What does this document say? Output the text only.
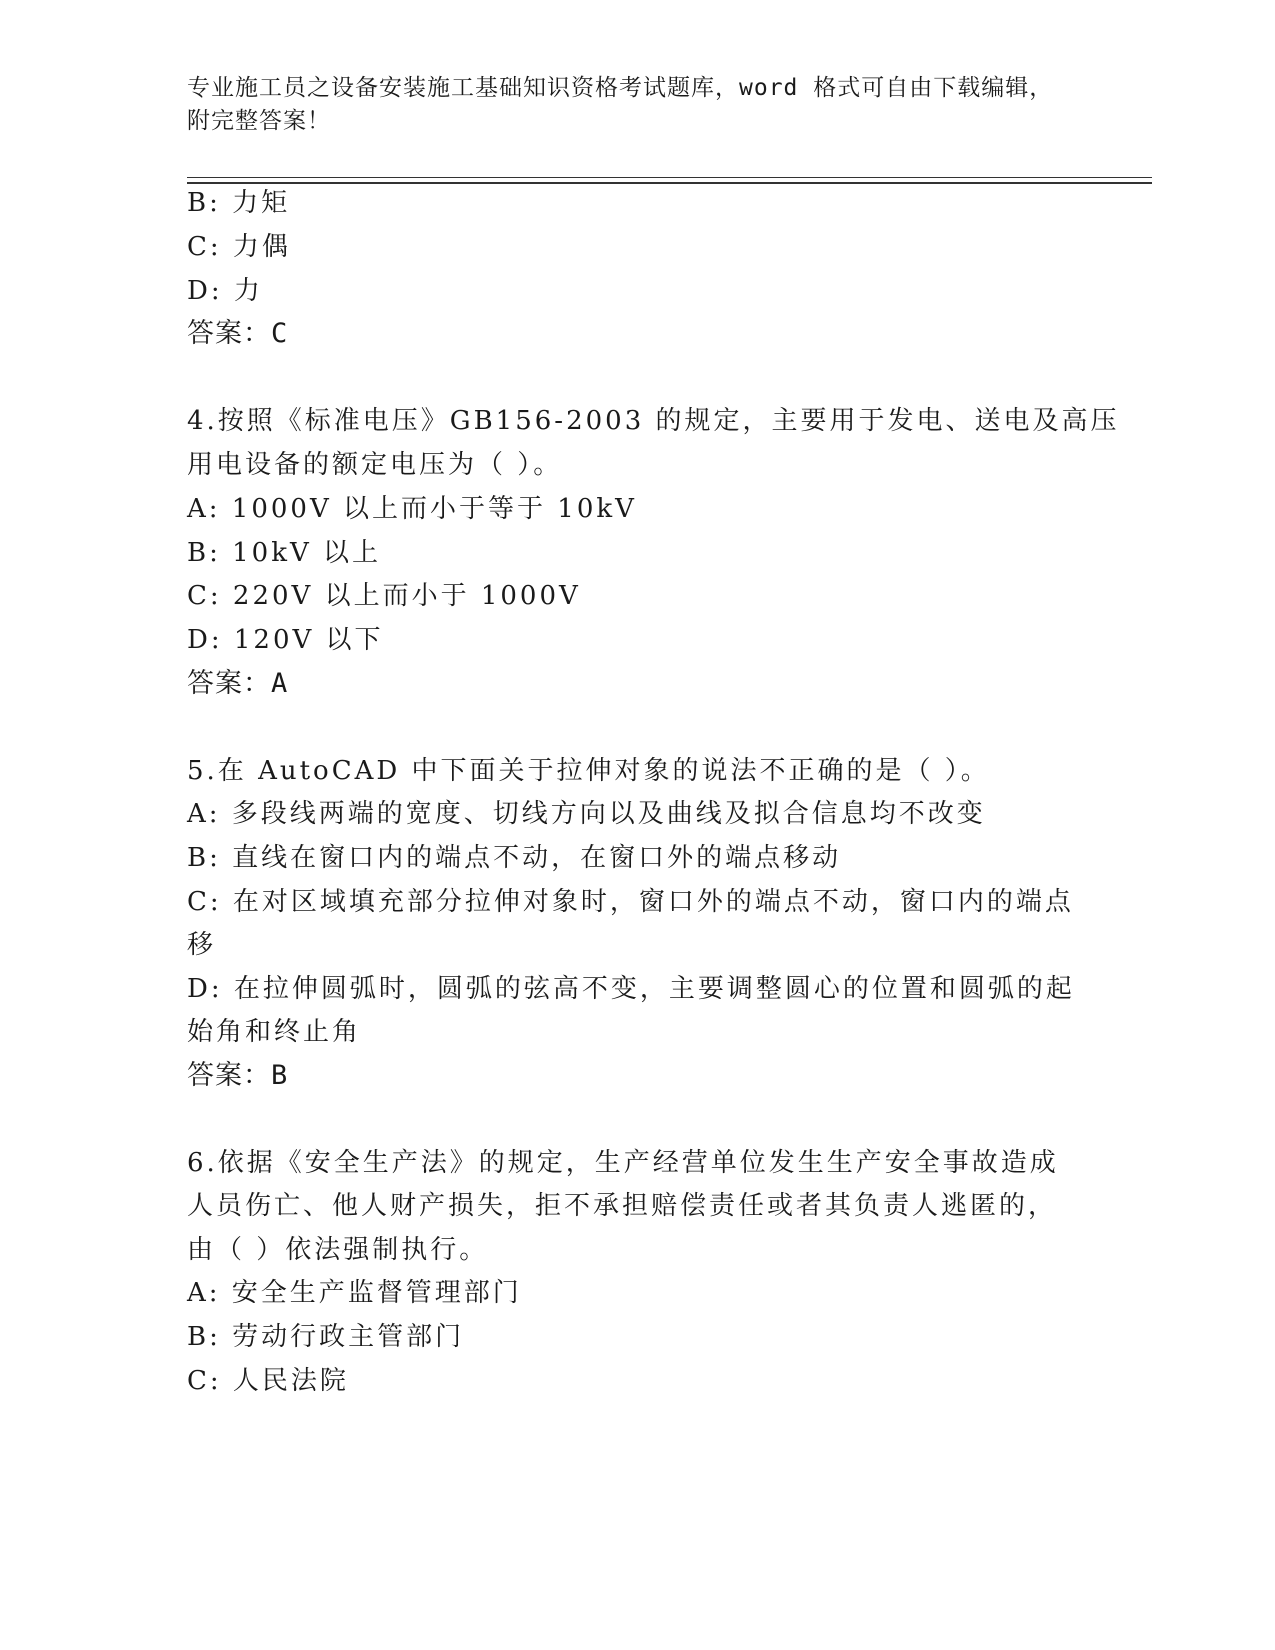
专业施工员之设备安装施工基础知识资格考试题库，word 格式可自由下载编辑，
附完整答案！
B: 力矩
C: 力偶
D: 力
答案：C
4.按照《标准电压》GB156-2003 的规定，主要用于发电、送电及高压
用电设备的额定电压为（ ）。
A: 1000V 以上而小于等于 10kV
B: 10kV 以上
C: 220V 以上而小于 1000V
D: 120V 以下
答案：A
5.在 AutoCAD 中下面关于拉伸对象的说法不正确的是（ ）。
A: 多段线两端的宽度、切线方向以及曲线及拟合信息均不改变
B: 直线在窗口内的端点不动，在窗口外的端点移动
C: 在对区域填充部分拉伸对象时，窗口外的端点不动，窗口内的端点
移
D: 在拉伸圆弧时，圆弧的弦高不变，主要调整圆心的位置和圆弧的起
始角和终止角
答案：B
6.依据《安全生产法》的规定，生产经营单位发生生产安全事故造成
人员伤亡、他人财产损失，拒不承担赔偿责任或者其负责人逃匿的，
由（ ）依法强制执行。
A: 安全生产监督管理部门
B: 劳动行政主管部门
C: 人民法院
